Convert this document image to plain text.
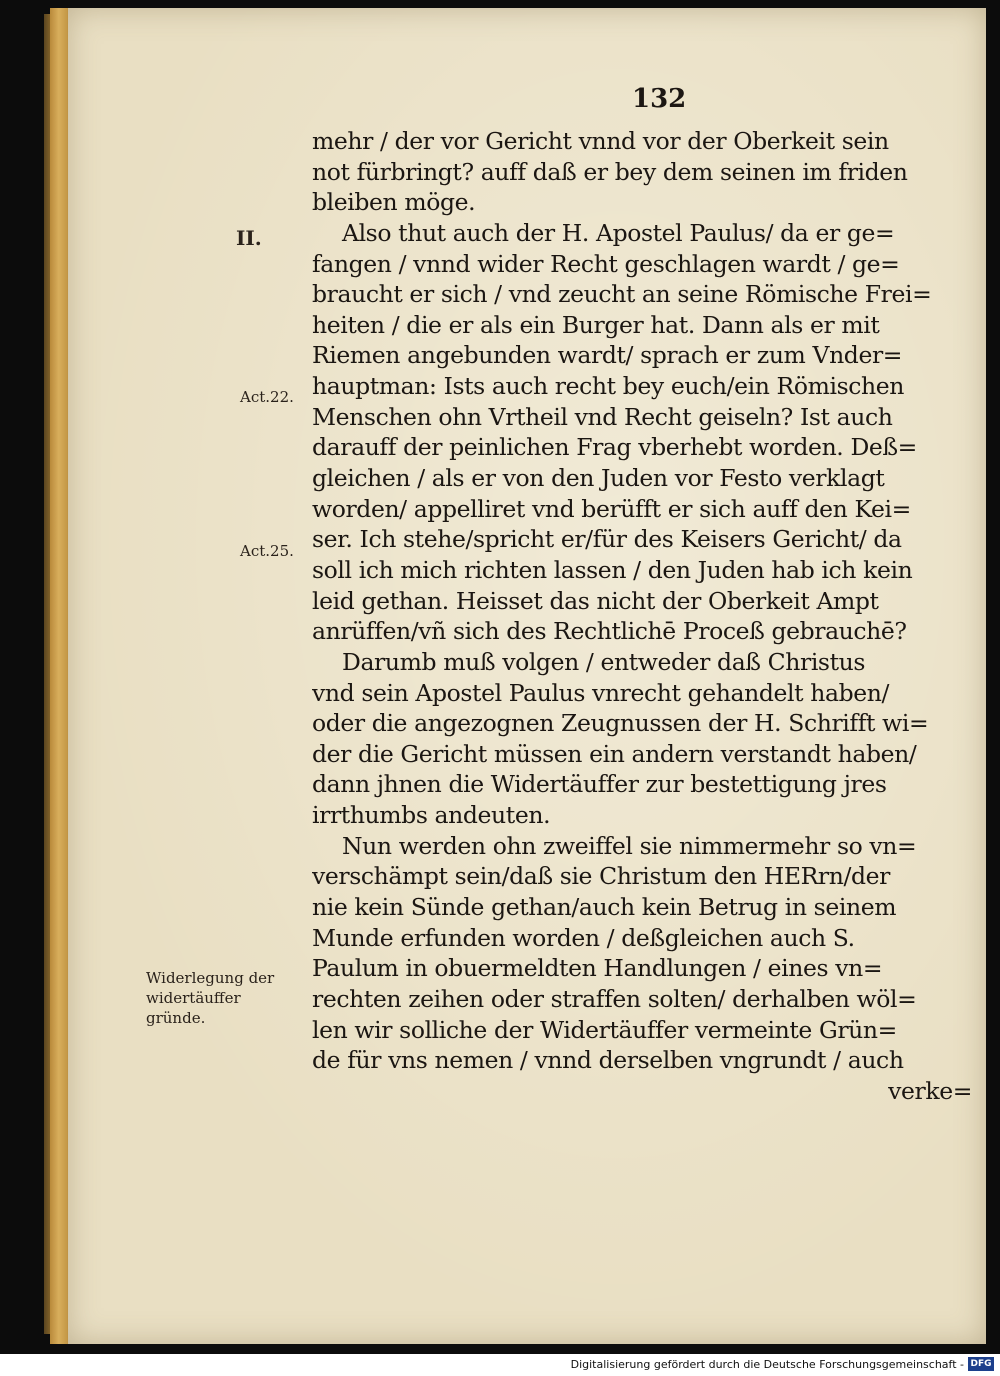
132
II.
Act.22.
Act.25.
Widerlegung der
widertäuffer
gründe.
mehr / der vor Gericht vnnd vor der Oberkeit sein
not fürbringt? auff daß er bey dem seinen im friden
bleiben möge.
Also thut auch der H. Apostel Paulus/ da er ge=
fangen / vnnd wider Recht geschlagen wardt / ge=
braucht er sich / vnd zeucht an seine Römische Frei=
heiten / die er als ein Burger hat. Dann als er mit
Riemen angebunden wardt/ sprach er zum Vnder=
hauptman: Ists auch recht bey euch/ein Römischen
Menschen ohn Vrtheil vnd Recht geiseln? Ist auch
darauff der peinlichen Frag vberhebt worden. Deß=
gleichen / als er von den Juden vor Festo verklagt
worden/ appelliret vnd berüfft er sich auff den Kei=
ser. Ich stehe/spricht er/für des Keisers Gericht/ da
soll ich mich richten lassen / den Juden hab ich kein
leid gethan. Heisset das nicht der Oberkeit Ampt
anrüffen/vñ sich des Rechtlichē Proceß gebrauchē?
Darumb muß volgen / entweder daß Christus
vnd sein Apostel Paulus vnrecht gehandelt haben/
oder die angezognen Zeugnussen der H. Schrifft wi=
der die Gericht müssen ein andern verstandt haben/
dann jhnen die Widertäuffer zur bestettigung jres
irrthumbs andeuten.
Nun werden ohn zweiffel sie nimmermehr so vn=
verschämpt sein/daß sie Christum den HERrn/der
nie kein Sünde gethan/auch kein Betrug in seinem
Munde erfunden worden / deßgleichen auch S.
Paulum in obuermeldten Handlungen / eines vn=
rechten zeihen oder straffen solten/ derhalben wöl=
len wir solliche der Widertäuffer vermeinte Grün=
de für vns nemen / vnnd derselben vngrundt / auch
verke=
Digitalisierung gefördert durch die Deutsche Forschungsgemeinschaft - DFG
